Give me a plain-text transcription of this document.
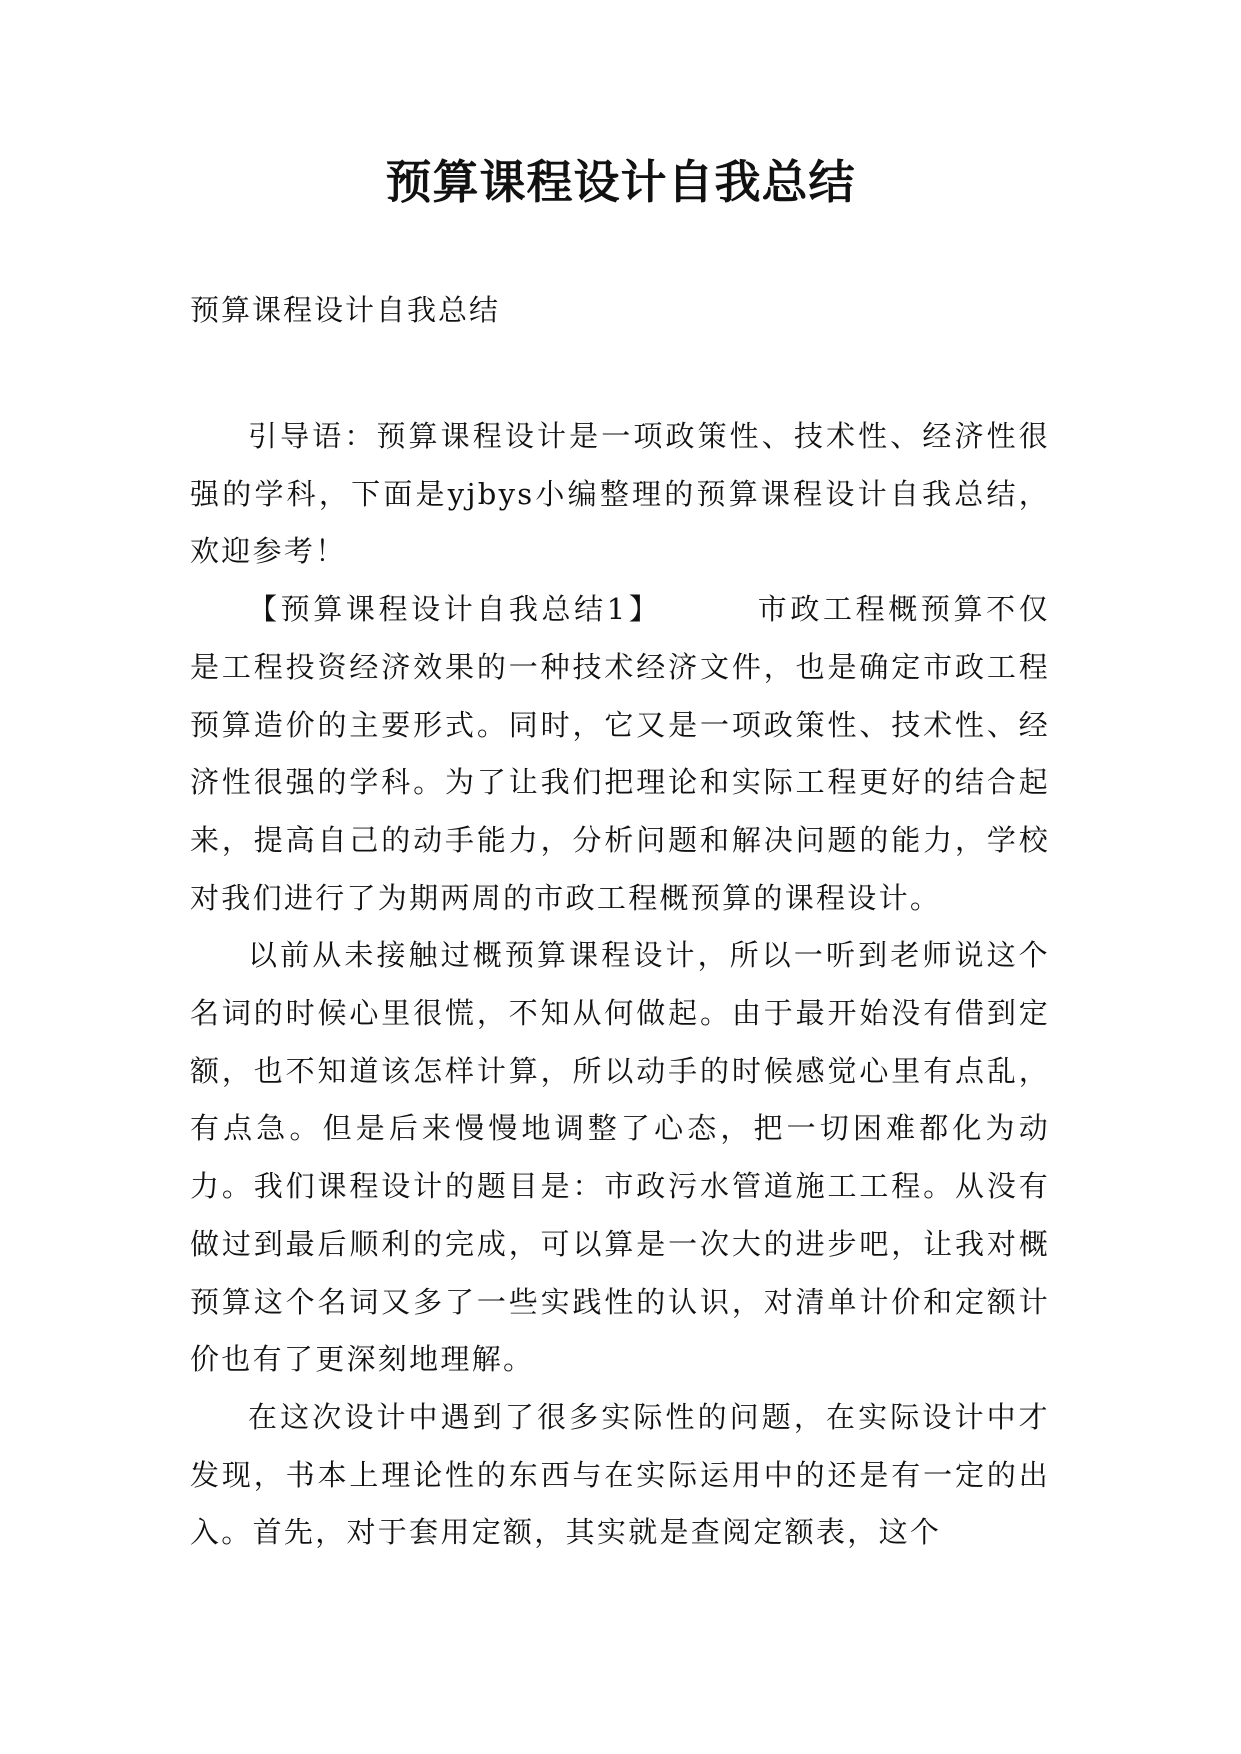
预算课程设计自我总结
预算课程设计自我总结

引导语：预算课程设计是一项政策性、技术性、经济性很强的学科，下面是yjbys小编整理的预算课程设计自我总结，欢迎参考！

【预算课程设计自我总结1】	市政工程概预算不仅是工程投资经济效果的一种技术经济文件，也是确定市政工程预算造价的主要形式。同时，它又是一项政策性、技术性、经济性很强的学科。为了让我们把理论和实际工程更好的结合起来，提高自己的动手能力，分析问题和解决问题的能力，学校对我们进行了为期两周的市政工程概预算的课程设计。

以前从未接触过概预算课程设计，所以一听到老师说这个名词的时候心里很慌，不知从何做起。由于最开始没有借到定额，也不知道该怎样计算，所以动手的时候感觉心里有点乱，有点急。但是后来慢慢地调整了心态，把一切困难都化为动力。我们课程设计的题目是：市政污水管道施工工程。从没有做过到最后顺利的完成，可以算是一次大的进步吧，让我对概预算这个名词又多了一些实践性的认识，对清单计价和定额计价也有了更深刻地理解。

在这次设计中遇到了很多实际性的问题，在实际设计中才发现，书本上理论性的东西与在实际运用中的还是有一定的出入。首先，对于套用定额，其实就是查阅定额表，这个
